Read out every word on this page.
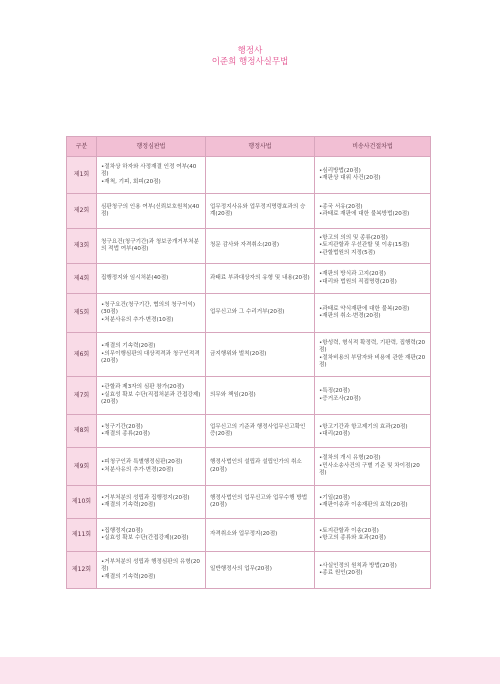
행정사
이준희 행정사실무법
구분	행정심판법	행정사법	비송사건절차법
제1회	•절차상 하자와 사정재결 인정 여부(40점)
•재척, 기피, 회피(20점)		•심리방법(20점)
•재판상 대위 사건(20점)

제2회	심판청구의 인용 여부(신뢰보호원칙)(40점)	업무정지사유와 업무정지명령효과의 승계(20점)	•종국 서유(20점)
•과태료 재판에 대한 불복방법(20점)

제3회	청구요건(청구기간)과 청보공개거부처분의 적법 여부(40점)	청문 감사와 자격취소(20점)	•항고의 의의 및 종류(20점)
•토지관할과 우선관할 및 이송(15점)
•관할법원의 지정(5점)

제4회	집행정지와 임시처분(40점)	과태료 부과대상자의 유형 및 내용(20점)	•재판의 방식과 고지(20점)
•대리와 법원의 직접명령(20점)

제5회	•청구요건(청구기간, 협의의 청구이익)(30점)
•처분사유의 추가·변경(10점)	업무신고와 그 수리거부(20점)	•과태료 약식재판에 대한 불복(20점)
•재판의 취소·변경(20점)

제6회	•재결의 기속력(20점)
•의무이행심판의 대상적격과 청구인적격(20점)	금지행위와 벌칙(20점)	•항성력, 형식적 확정력, 기판력, 집행력(20점)
•절차비용의 부담자와 비용에 관한 재판(20점)

제7회	•관할과 제3자의 심판 참가(20점)
•실효성 확보 수단(직접처분과 간접강제)(20점)	의무와 책임(20점)	•특징(20점)
•증거조사(20점)

제8회	•청구기간(20점)
•재결의 종류(20점)	업무신고의 기준과 행정사업무신고확인증(20점)	•항고기간과 항고제기의 효과(20점)
•대리(20점)

제9회	•피청구인과 특별행정심판(20점)
•처분사유의 추가·변경(20점)	행정사법인의 설립과 설립인가의 취소(20점)	•절차의 개시 유형(20점)
•민사소송사건의 구별 기준 및 차이점(20점)

제10회	•거부처분의 성립과 집행정지(20점)
•재결의 기속력(20점)	행정사법인의 업무신고와 업무수행 방법(20점)	•기일(20점)
•재판이송과 이송재판의 효력(20점)

제11회	•집행정지(20점)
•실효성 확보 수단(간접강제)(20점)	자격취소와 업무정지(20점)	•토지관할과 이송(20점)
•항고의 종류와 효과(20점)

제12회	•거부처분의 성립과 행정심판의 유형(20점)
•재결의 기속력(20점)	일반행정사의 업무(20점)	•사실인정의 원칙과 방법(20점)
•종료 원인(20점)
